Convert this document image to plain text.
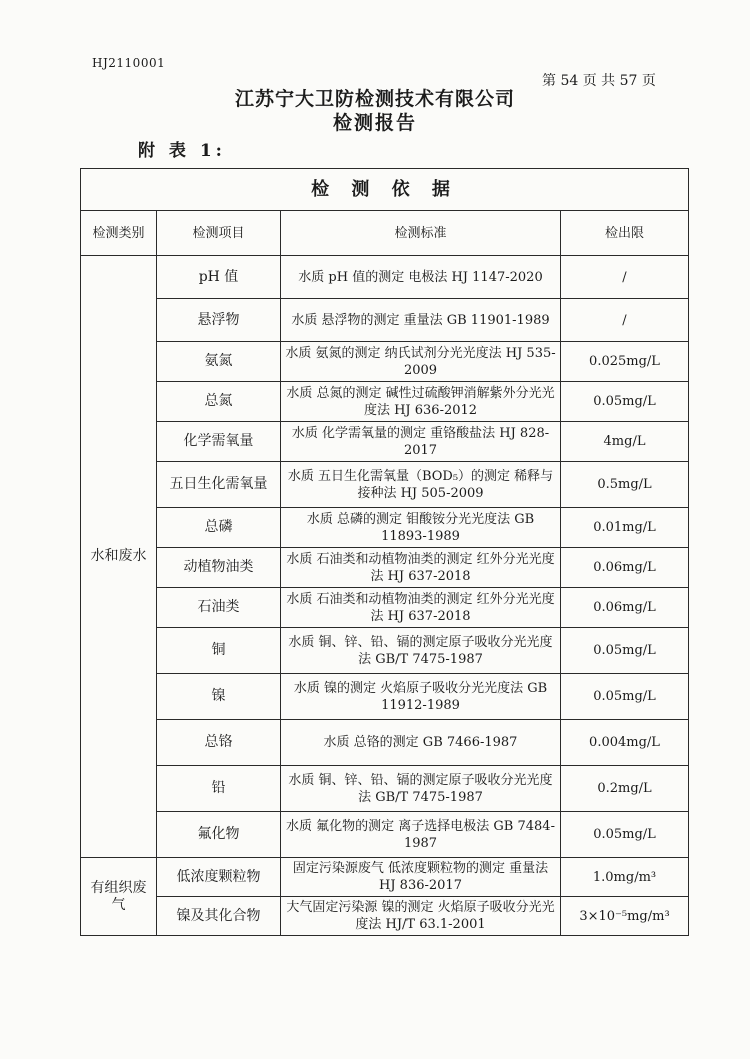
HJ2110001
第 54 页 共 57 页
江苏宁大卫防检测技术有限公司
检测报告
附 表 1:
检 测 依 据			
检测类别	检测项目	检测标准	检出限
水和废水	pH 值	水质 pH 值的测定 电极法 HJ 1147-2020	/
	悬浮物	水质 悬浮物的测定 重量法 GB 11901-1989	/
	氨氮	水质 氨氮的测定 纳氏试剂分光光度法 HJ 535-2009	0.025mg/L
	总氮	水质 总氮的测定 碱性过硫酸钾消解紫外分光光度法 HJ 636-2012	0.05mg/L
	化学需氧量	水质 化学需氧量的测定 重铬酸盐法 HJ 828-2017	4mg/L
	五日生化需氧量	水质 五日生化需氧量（BOD₅）的测定 稀释与接种法 HJ 505-2009	0.5mg/L
	总磷	水质 总磷的测定 钼酸铵分光光度法 GB 11893-1989	0.01mg/L
	动植物油类	水质 石油类和动植物油类的测定 红外分光光度法 HJ 637-2018	0.06mg/L
	石油类	水质 石油类和动植物油类的测定 红外分光光度法 HJ 637-2018	0.06mg/L
	铜	水质 铜、锌、铅、镉的测定原子吸收分光光度法 GB/T 7475-1987	0.05mg/L
	镍	水质 镍的测定 火焰原子吸收分光光度法 GB 11912-1989	0.05mg/L
	总铬	水质 总铬的测定 GB 7466-1987	0.004mg/L
	铅	水质 铜、锌、铅、镉的测定原子吸收分光光度法 GB/T 7475-1987	0.2mg/L
	氟化物	水质 氟化物的测定 离子选择电极法 GB 7484-1987	0.05mg/L
有组织废气	低浓度颗粒物	固定污染源废气 低浓度颗粒物的测定 重量法 HJ 836-2017	1.0mg/m³
	镍及其化合物	大气固定污染源 镍的测定 火焰原子吸收分光光度法 HJ/T 63.1-2001	3×10⁻⁵mg/m³
